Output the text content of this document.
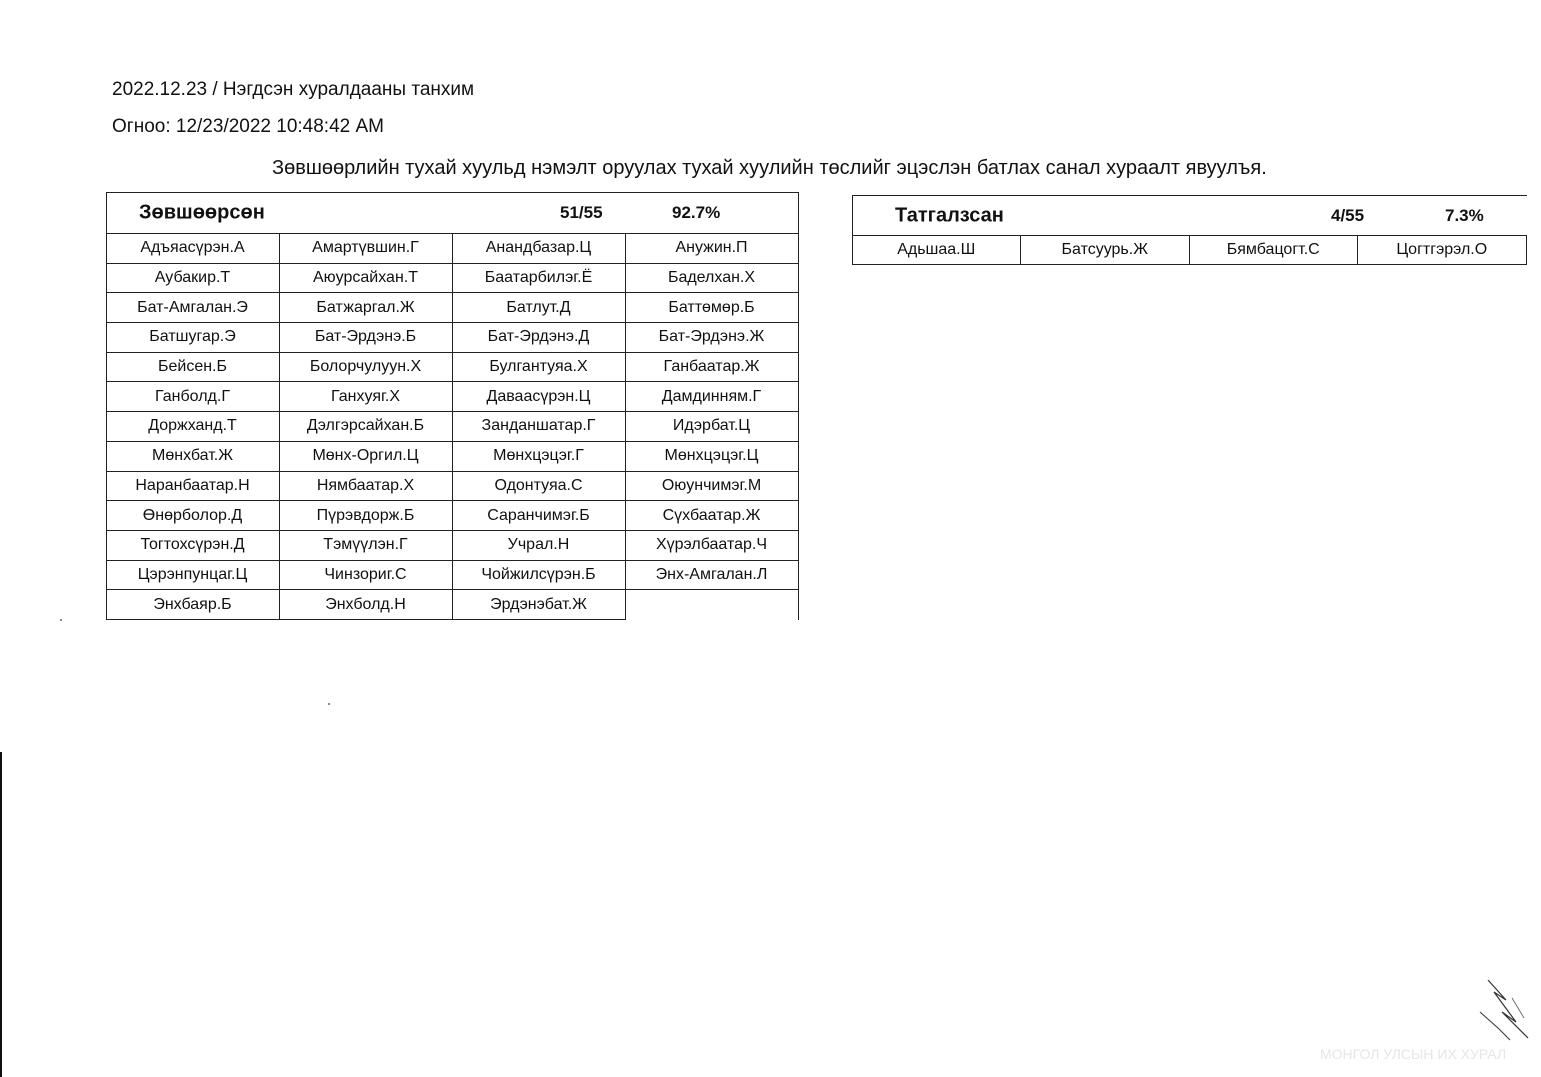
2022.12.23 / Нэгдсэн хуралдааны танхим
Огноо: 12/23/2022 10:48:42 AM
Зөвшөөрлийн тухай хуульд нэмэлт оруулах тухай хуулийн төслийг эцэслэн батлах санал хураалт явуулъя.
Зөвшөөрсөн	51/55	92.7%
Адъяасүрэн.А	Амартүвшин.Г	Анандбазар.Ц	Анужин.П
Аубакир.Т	Аюурсайхан.Т	Баатарбилэг.Ё	Баделхан.Х
Бат-Амгалан.Э	Батжаргал.Ж	Батлут.Д	Баттөмөр.Б
Батшугар.Э	Бат-Эрдэнэ.Б	Бат-Эрдэнэ.Д	Бат-Эрдэнэ.Ж
Бейсен.Б	Болорчулуун.Х	Булгантуяа.Х	Ганбаатар.Ж
Ганболд.Г	Ганхуяг.Х	Даваасүрэн.Ц	Дамдинням.Г
Доржханд.Т	Дэлгэрсайхан.Б	Занданшатар.Г	Идэрбат.Ц
Мөнхбат.Ж	Мөнх-Оргил.Ц	Мөнхцэцэг.Г	Мөнхцэцэг.Ц
Наранбаатар.Н	Нямбаатар.Х	Одонтуяа.С	Оюунчимэг.М
Өнөрболор.Д	Пүрэвдорж.Б	Саранчимэг.Б	Сүхбаатар.Ж
Тогтохсүрэн.Д	Тэмүүлэн.Г	Учрал.Н	Хүрэлбаатар.Ч
Цэрэнпунцаг.Ц	Чинзориг.С	Чойжилсүрэн.Б	Энх-Амгалан.Л
Энхбаяр.Б	Энхболд.Н	Эрдэнэбат.Ж	
Татгалзсан	4/55	7.3%
Адьшаа.Ш	Батсуурь.Ж	Бямбацогт.С	Цогтгэрэл.О
МОНГОЛ УЛСЫН ИХ ХУРАЛ
